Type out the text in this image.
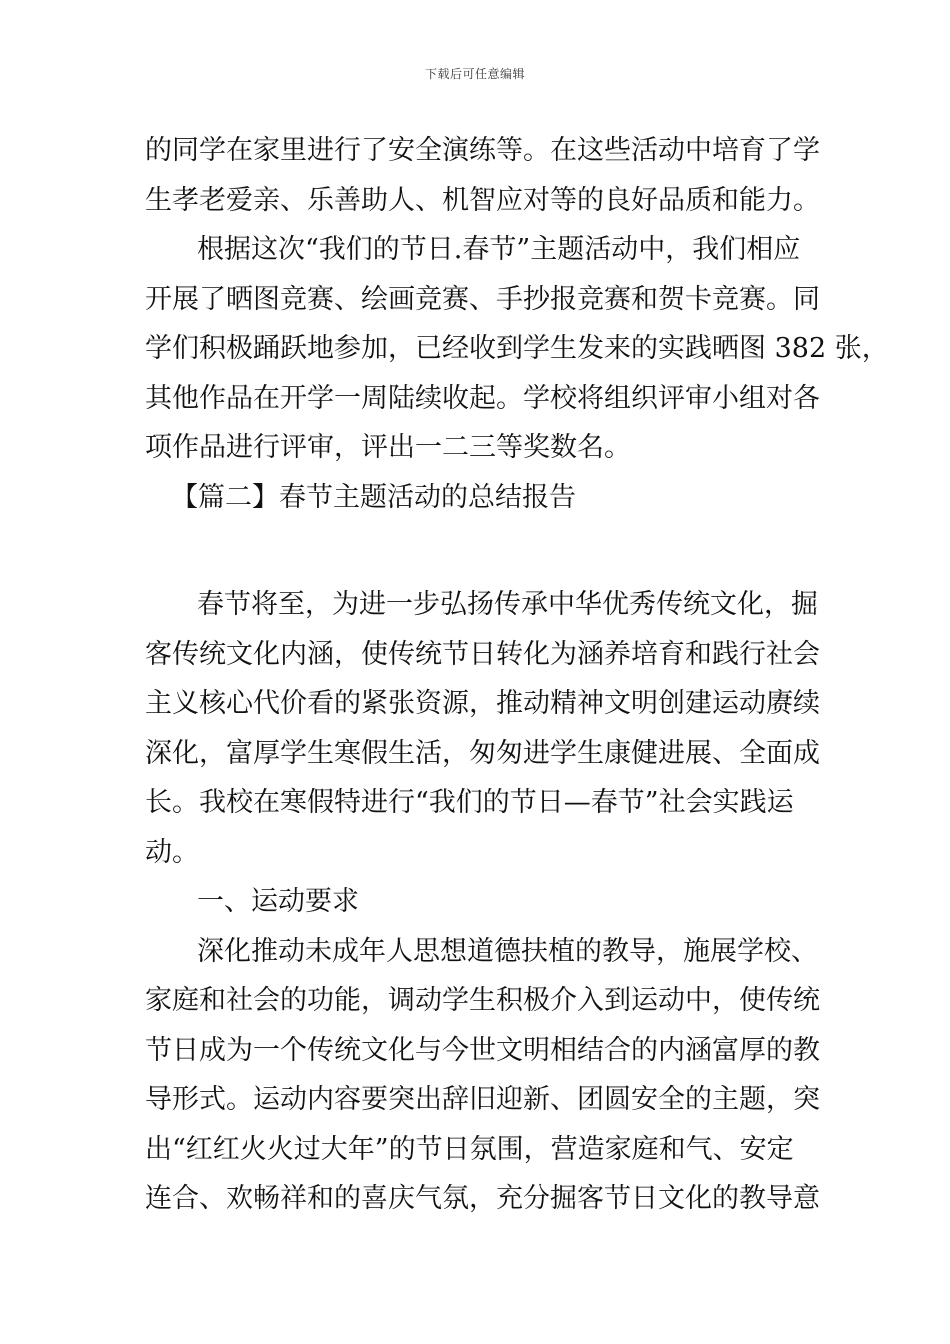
下载后可任意编辑
的同学在家里进行了安全演练等。在这些活动中培育了学
生孝老爱亲、乐善助人、机智应对等的良好品质和能力。
根据这次“我们的节日.春节”主题活动中，我们相应
开展了晒图竞赛、绘画竞赛、手抄报竞赛和贺卡竞赛。同
学们积极踊跃地参加，已经收到学生发来的实践晒图 382 张，
其他作品在开学一周陆续收起。学校将组织评审小组对各
项作品进行评审，评出一二三等奖数名。
【篇二】春节主题活动的总结报告
春节将至，为进一步弘扬传承中华优秀传统文化，掘
客传统文化内涵，使传统节日转化为涵养培育和践行社会
主义核心代价看的紧张资源，推动精神文明创建运动赓续
深化，富厚学生寒假生活，匆匆进学生康健进展、全面成
长。我校在寒假特进行“我们的节日—春节”社会实践运
动。
一、运动要求
深化推动未成年人思想道德扶植的教导，施展学校、
家庭和社会的功能，调动学生积极介入到运动中，使传统
节日成为一个传统文化与今世文明相结合的内涵富厚的教
导形式。运动内容要突出辞旧迎新、团圆安全的主题，突
出“红红火火过大年”的节日氛围，营造家庭和气、安定
连合、欢畅祥和的喜庆气氛，充分掘客节日文化的教导意
